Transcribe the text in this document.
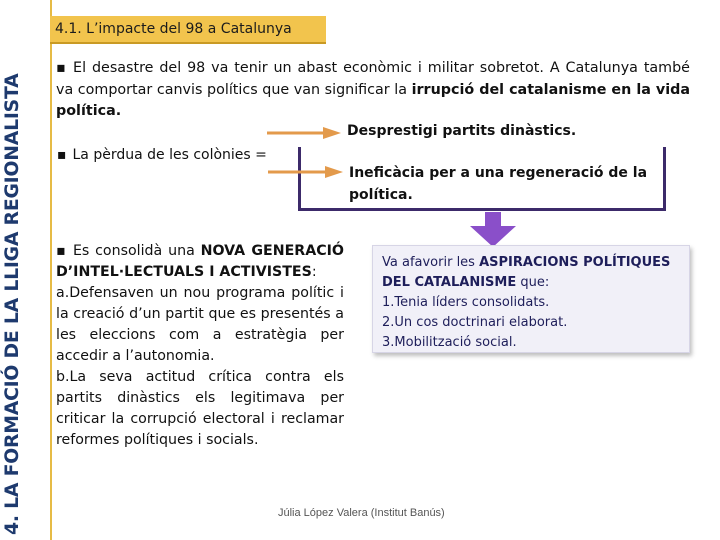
4. LA FORMACIÓ DE LA LLIGA REGIONALISTA
4.1. L’impacte del 98 a Catalunya

▪ El desastre del 98 va tenir un abast econòmic i militar sobretot. A Catalunya també va comportar canvis polítics que van significar la irrupció del catalanisme en la vida política.

▪ La pèrdua de les colònies =

Desprestigi partits dinàstics.

Ineficàcia per a una regeneració de la política.

▪ Es consolidà una NOVA GENERACIÓ D’INTEL·LECTUALS I ACTIVISTES:
a.Defensaven un nou programa polític i la creació d’un partit que es presentés a les eleccions com a estratègia per accedir a l’autonomia.
b.La seva actitud crítica contra els partits dinàstics els legitimava per criticar la corrupció electoral i reclamar reformes polítiques i socials.

Va afavorir les ASPIRACIONS POLÍTIQUES DEL CATALANISME que:
1.Tenia líders consolidats.
2.Un cos doctrinari elaborat.
3.Mobilització social.
Júlia López Valera (Institut Banús)
